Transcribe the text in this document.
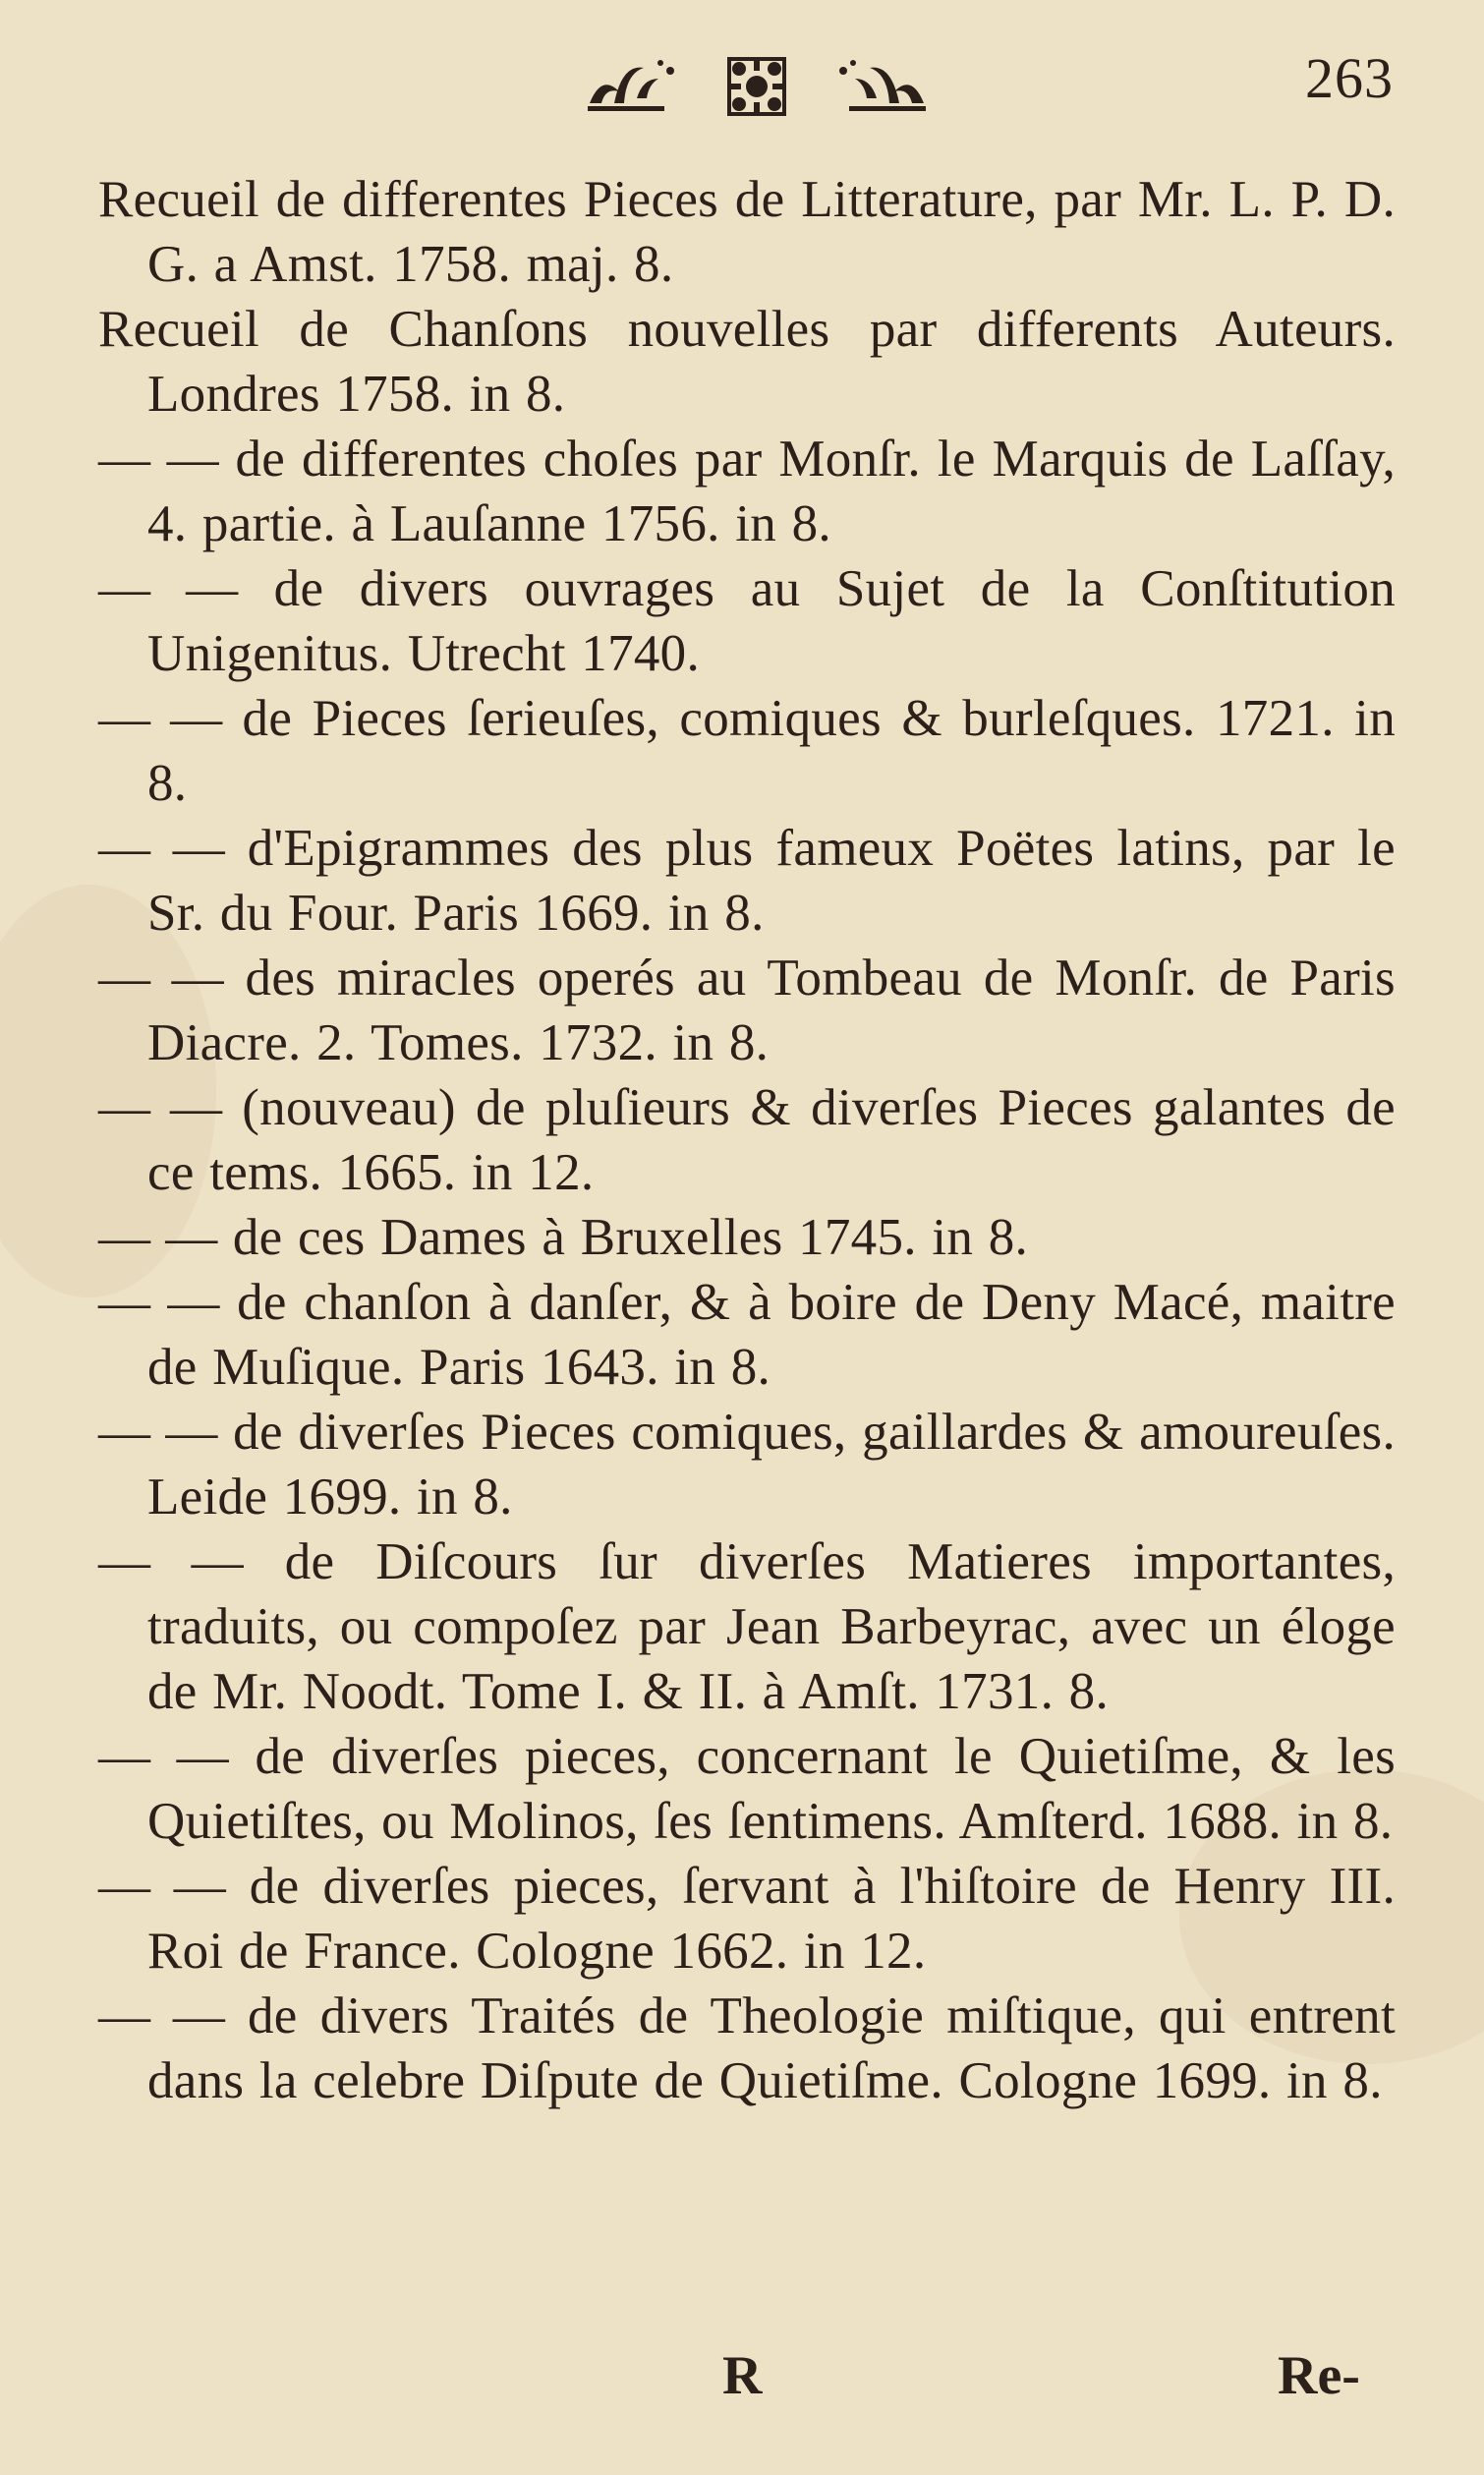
263

Recueil de differentes Pieces de Litterature, par Mr. L. P. D. G. a Amst. 1758. maj. 8.

Recueil de Chanſons nouvelles par differents Auteurs. Londres 1758. in 8.

— — de differentes choſes par Monſr. le Marquis de Laſſay, 4. partie. à Lauſanne 1756. in 8.

— — de divers ouvrages au Sujet de la Conſtitution Unigenitus. Utrecht 1740.

— — de Pieces ſerieuſes, comiques & burleſques. 1721. in 8.

— — d'Epigrammes des plus fameux Poëtes latins, par le Sr. du Four. Paris 1669. in 8.

— — des miracles operés au Tombeau de Monſr. de Paris Diacre. 2. Tomes. 1732. in 8.

— — (nouveau) de pluſieurs & diverſes Pieces galantes de ce tems. 1665. in 12.

— — de ces Dames à Bruxelles 1745. in 8.

— — de chanſon à danſer, & à boire de Deny Macé, maitre de Muſique. Paris 1643. in 8.

— — de diverſes Pieces comiques, gaillardes & amoureuſes. Leide 1699. in 8.

— — de Diſcours ſur diverſes Matieres importantes, traduits, ou compoſez par Jean Barbeyrac, avec un éloge de Mr. Noodt. Tome I. & II. à Amſt. 1731. 8.

— — de diverſes pieces, concernant le Quietiſme, & les Quietiſtes, ou Molinos, ſes ſentimens. Amſterd. 1688. in 8.

— — de diverſes pieces, ſervant à l'hiſtoire de Henry III. Roi de France. Cologne 1662. in 12.

— — de divers Traités de Theologie miſtique, qui entrent dans la celebre Diſpute de Quietiſme. Cologne 1699. in 8.

R	Re-
